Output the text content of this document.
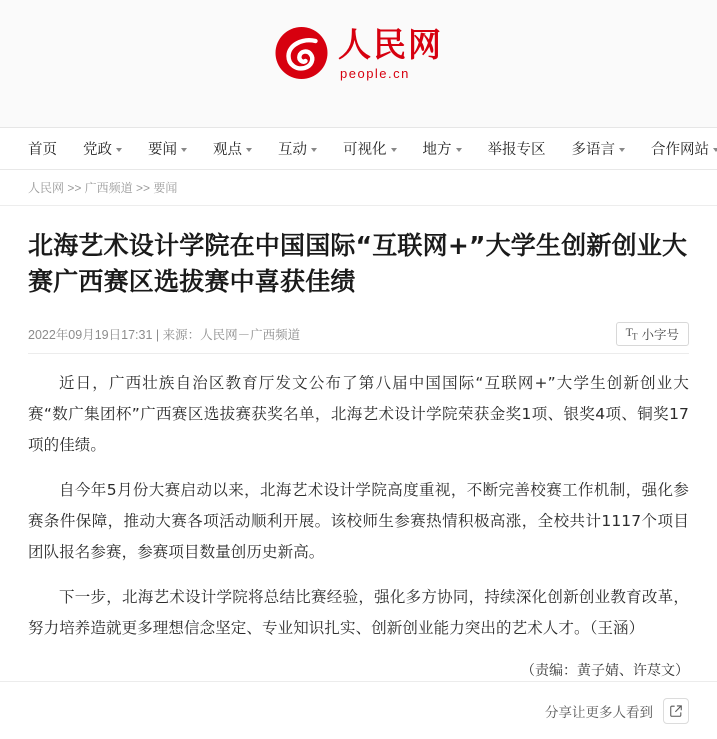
人民网
people.cn
首页 党政 要闻 观点 互动 可视化 地方 举报专区 多语言 合作网站
人民网 >> 广西频道 >> 要闻
北海艺术设计学院在中国国际“互联网+”大学生创新创业大赛广西赛区选拔赛中喜获佳绩
2022年09月19日17:31 | 来源：人民网－广西频道	$T_T$ 小字号

近日，广西壮族自治区教育厅发文公布了第八届中国国际“互联网+”大学生创新创业大赛“数广集团杯”广西赛区选拔赛获奖名单，北海艺术设计学院荣获金奖1项、银奖4项、铜奖17项的佳绩。

自今年5月份大赛启动以来，北海艺术设计学院高度重视，不断完善校赛工作机制，强化参赛条件保障，推动大赛各项活动顺利开展。该校师生参赛热情积极高涨，全校共计1117个项目团队报名参赛，参赛项目数量创历史新高。

下一步，北海艺术设计学院将总结比赛经验，强化多方协同，持续深化创新创业教育改革，努力培养造就更多理想信念坚定、专业知识扎实、创新创业能力突出的艺术人才。（王涵）

（责编：黄子婧、许荩文）
分享让更多人看到
